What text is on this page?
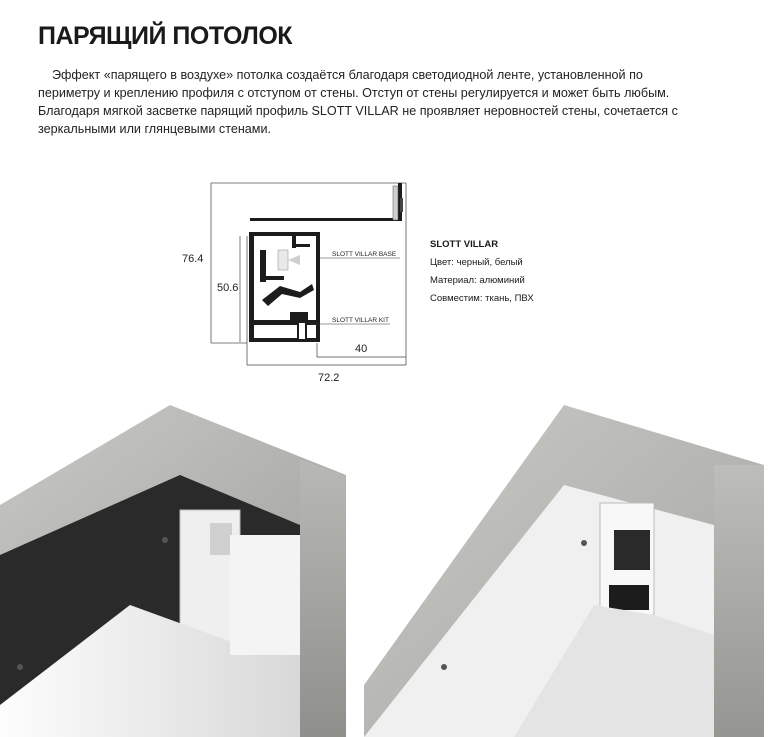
ПАРЯЩИЙ ПОТОЛОК
Эффект «парящего в воздухе» потолка создаётся благодаря светодиодной ленте, установленной по периметру и креплению профиля с отступом от стены. Отступ от стены регулируется и может быть любым. Благодаря мягкой засветке парящий профиль SLOTT VILLAR не проявляет неровностей стены, сочетается с зеркальными или глянцевыми стенами.
76.4
50.6
40
72.2
SLOTT VILLAR BASE
SLOTT VILLAR KIT
SLOTT VILLAR
Цвет: черный, белый
Материал: алюминий
Совместим: ткань, ПВХ
